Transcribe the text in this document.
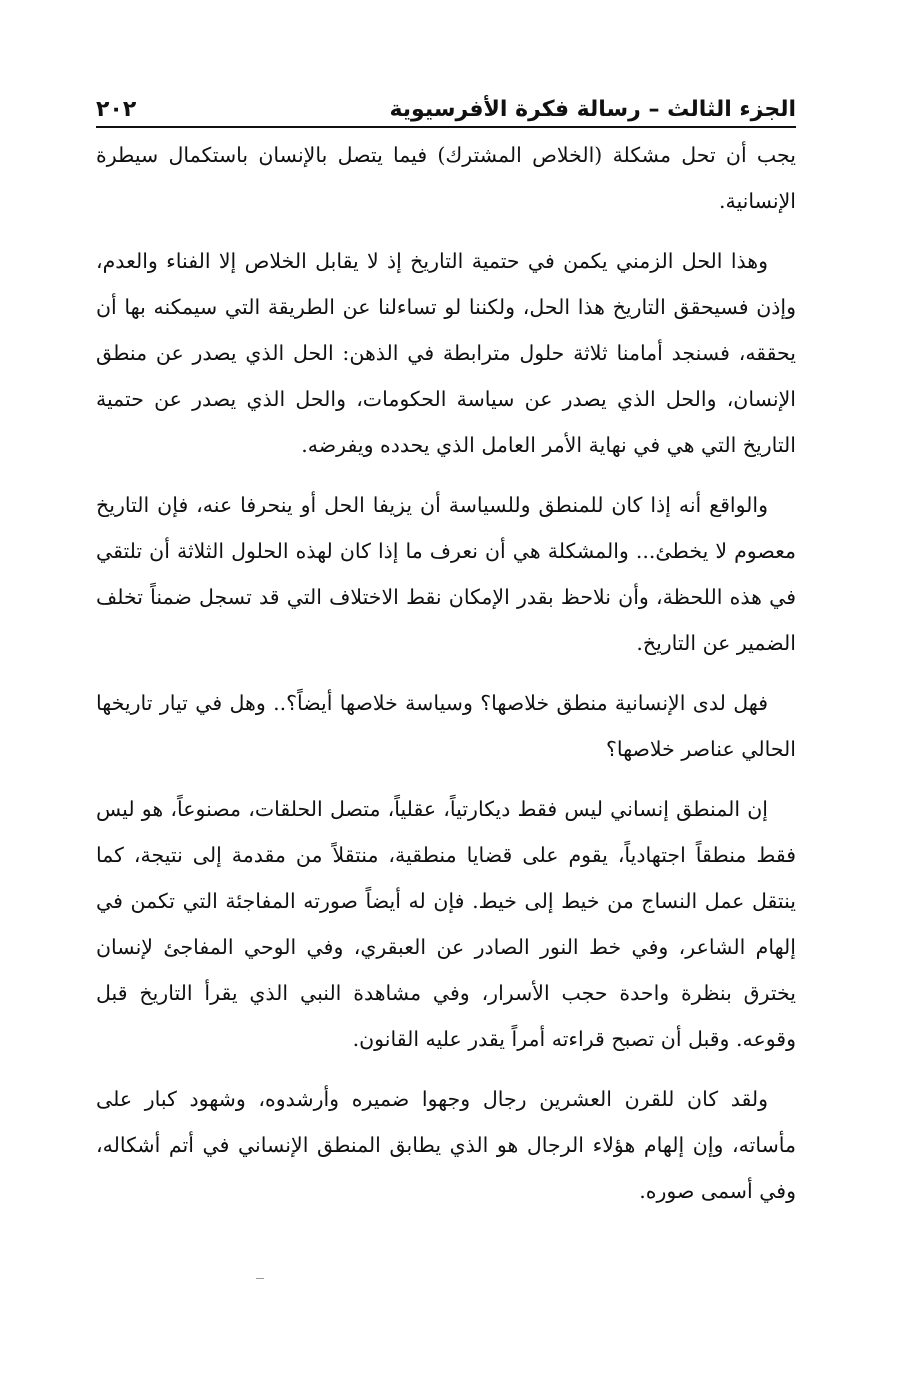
الجزء الثالث – رسالة فكرة الأفرسيوية
٢٠٢

يجب أن تحل مشكلة (الخلاص المشترك) فيما يتصل بالإنسان باستكمال سيطرة الإنسانية.

وهذا الحل الزمني يكمن في حتمية التاريخ إذ لا يقابل الخلاص إلا الفناء والعدم، وإذن فسيحقق التاريخ هذا الحل، ولكننا لو تساءلنا عن الطريقة التي سيمكنه بها أن يحققه، فسنجد أمامنا ثلاثة حلول مترابطة في الذهن: الحل الذي يصدر عن منطق الإنسان، والحل الذي يصدر عن سياسة الحكومات، والحل الذي يصدر عن حتمية التاريخ التي هي في نهاية الأمر العامل الذي يحدده ويفرضه.

والواقع أنه إذا كان للمنطق وللسياسة أن يزيفا الحل أو ينحرفا عنه، فإن التاريخ معصوم لا يخطئ... والمشكلة هي أن نعرف ما إذا كان لهذه الحلول الثلاثة أن تلتقي في هذه اللحظة، وأن نلاحظ بقدر الإمكان نقط الاختلاف التي قد تسجل ضمناً تخلف الضمير عن التاريخ.

فهل لدى الإنسانية منطق خلاصها؟ وسياسة خلاصها أيضاً؟.. وهل في تيار تاريخها الحالي عناصر خلاصها؟

إن المنطق إنساني ليس فقط ديكارتياً، عقلياً، متصل الحلقات، مصنوعاً، هو ليس فقط منطقاً اجتهادياً، يقوم على قضايا منطقية، منتقلاً من مقدمة إلى نتيجة، كما ينتقل عمل النساج من خيط إلى خيط. فإن له أيضاً صورته المفاجئة التي تكمن في إلهام الشاعر، وفي خط النور الصادر عن العبقري، وفي الوحي المفاجئ لإنسان يخترق بنظرة واحدة حجب الأسرار، وفي مشاهدة النبي الذي يقرأ التاريخ قبل وقوعه. وقبل أن تصبح قراءته أمراً يقدر عليه القانون.

ولقد كان للقرن العشرين رجال وجهوا ضميره وأرشدوه، وشهود كبار على مأساته، وإن إلهام هؤلاء الرجال هو الذي يطابق المنطق الإنساني في أتم أشكاله، وفي أسمى صوره.
